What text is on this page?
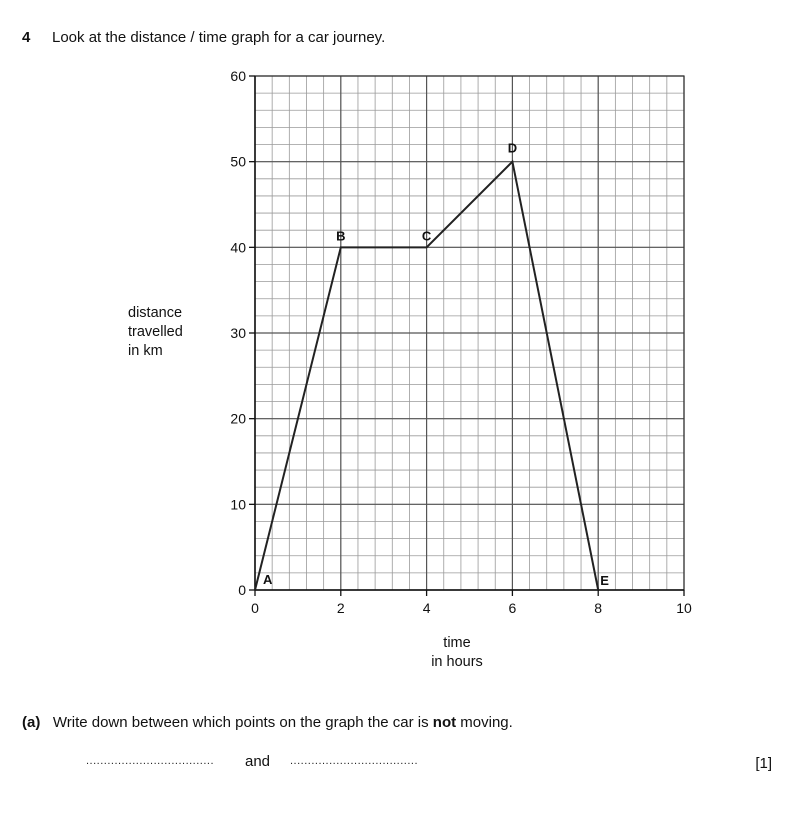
4 Look at the distance / time graph for a car journey.
0	2	4	6	8	10
0
10
20
30
40
50
60
A
B	C
D
E
distance
travelled
in km
time
in hours
(a) Write down between which points on the graph the car is not moving.
.................................... and ....................................	[1]
